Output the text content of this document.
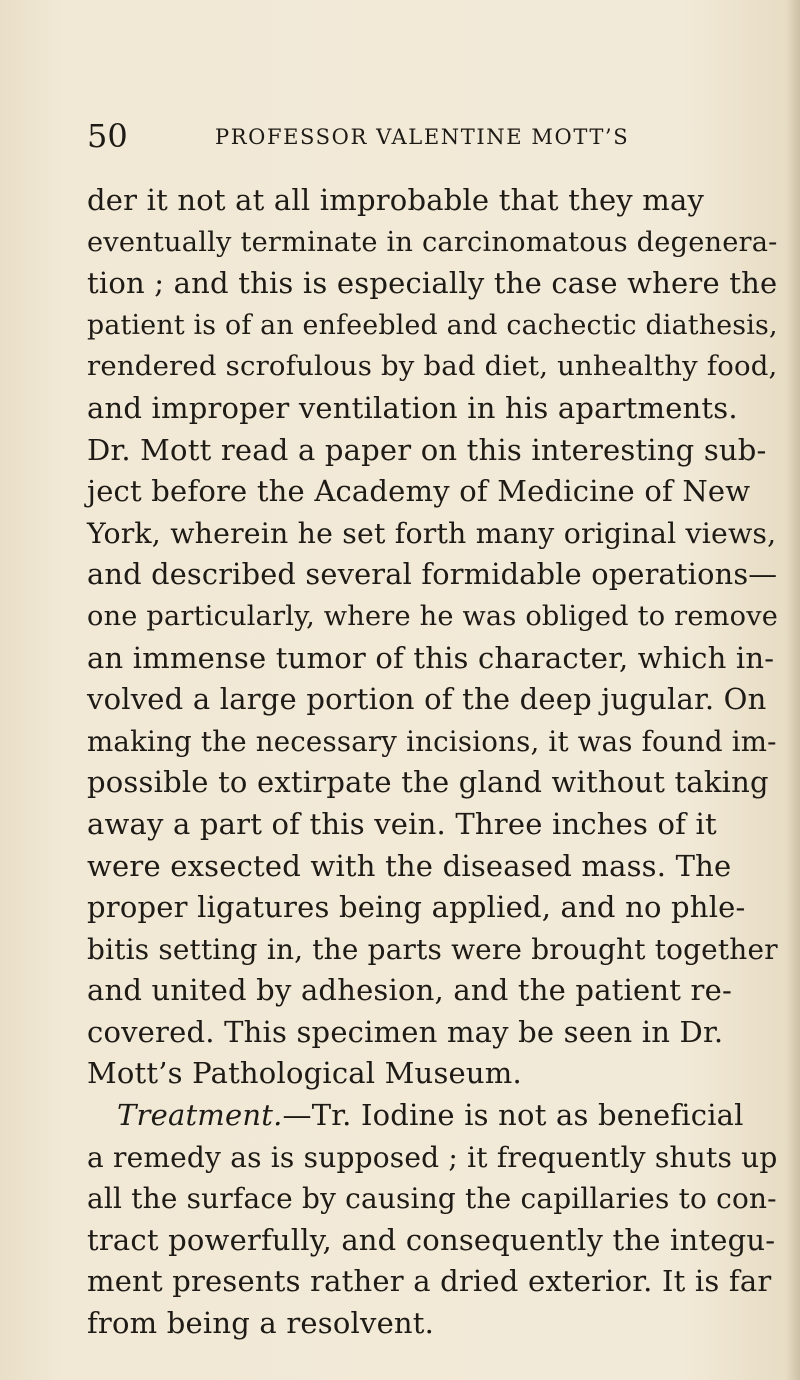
50	PROFESSOR VALENTINE MOTT’S
der it not at all improbable that they may
eventually terminate in carcinomatous degenera-
tion ; and this is especially the case where the
patient is of an enfeebled and cachectic diathesis,
rendered scrofulous by bad diet, unhealthy food,
and improper ventilation in his apartments.
Dr. Mott read a paper on this interesting sub-
ject before the Academy of Medicine of New
York, wherein he set forth many original views,
and described several formidable operations—
one particularly, where he was obliged to remove
an immense tumor of this character, which in-
volved a large portion of the deep jugular. On
making the necessary incisions, it was found im-
possible to extirpate the gland without taking
away a part of this vein. Three inches of it
were exsected with the diseased mass. The
proper ligatures being applied, and no phle-
bitis setting in, the parts were brought together
and united by adhesion, and the patient re-
covered. This specimen may be seen in Dr.
Mott’s Pathological Museum.
Treatment.—Tr. Iodine is not as beneficial
a remedy as is supposed ; it frequently shuts up
all the surface by causing the capillaries to con-
tract powerfully, and consequently the integu-
ment presents rather a dried exterior. It is far
from being a resolvent.
